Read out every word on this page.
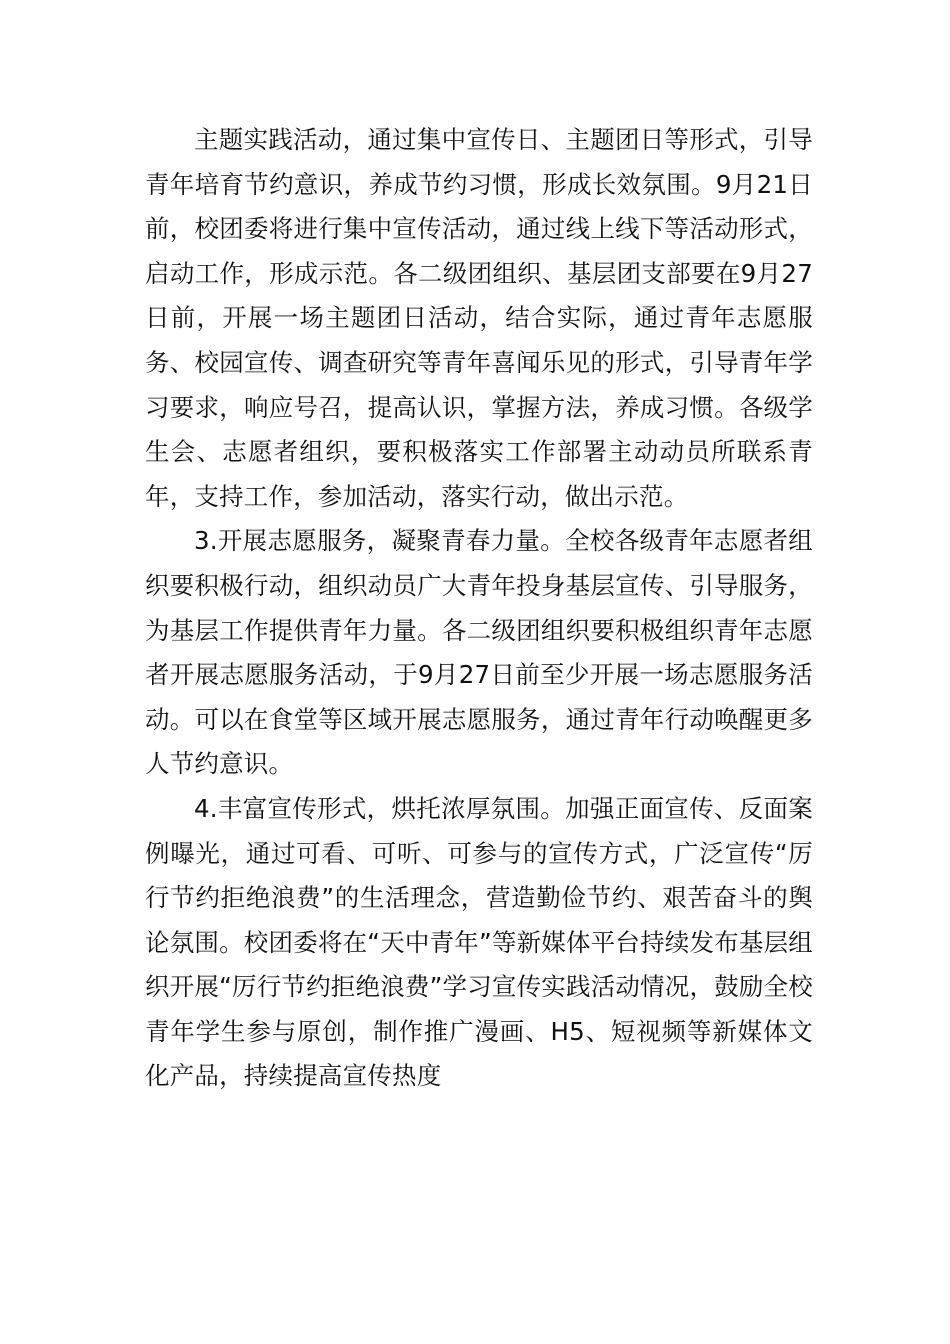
主题实践活动，通过集中宣传日、主题团日等形式，引导青年培育节约意识，养成节约习惯，形成长效氛围。9月21日前，校团委将进行集中宣传活动，通过线上线下等活动形式，启动工作，形成示范。各二级团组织、基层团支部要在9月27日前，开展一场主题团日活动，结合实际，通过青年志愿服务、校园宣传、调查研究等青年喜闻乐见的形式，引导青年学习要求，响应号召，提高认识，掌握方法，养成习惯。各级学生会、志愿者组织，要积极落实工作部署主动动员所联系青年，支持工作，参加活动，落实行动，做出示范。

3.开展志愿服务，凝聚青春力量。全校各级青年志愿者组织要积极行动，组织动员广大青年投身基层宣传、引导服务，为基层工作提供青年力量。各二级团组织要积极组织青年志愿者开展志愿服务活动，于9月27日前至少开展一场志愿服务活动。可以在食堂等区域开展志愿服务，通过青年行动唤醒更多人节约意识。

4.丰富宣传形式，烘托浓厚氛围。加强正面宣传、反面案例曝光，通过可看、可听、可参与的宣传方式，广泛宣传“厉行节约拒绝浪费”的生活理念，营造勤俭节约、艰苦奋斗的舆论氛围。校团委将在“天中青年”等新媒体平台持续发布基层组织开展“厉行节约拒绝浪费”学习宣传实践活动情况，鼓励全校青年学生参与原创，制作推广漫画、H5、短视频等新媒体文化产品，持续提高宣传热度
